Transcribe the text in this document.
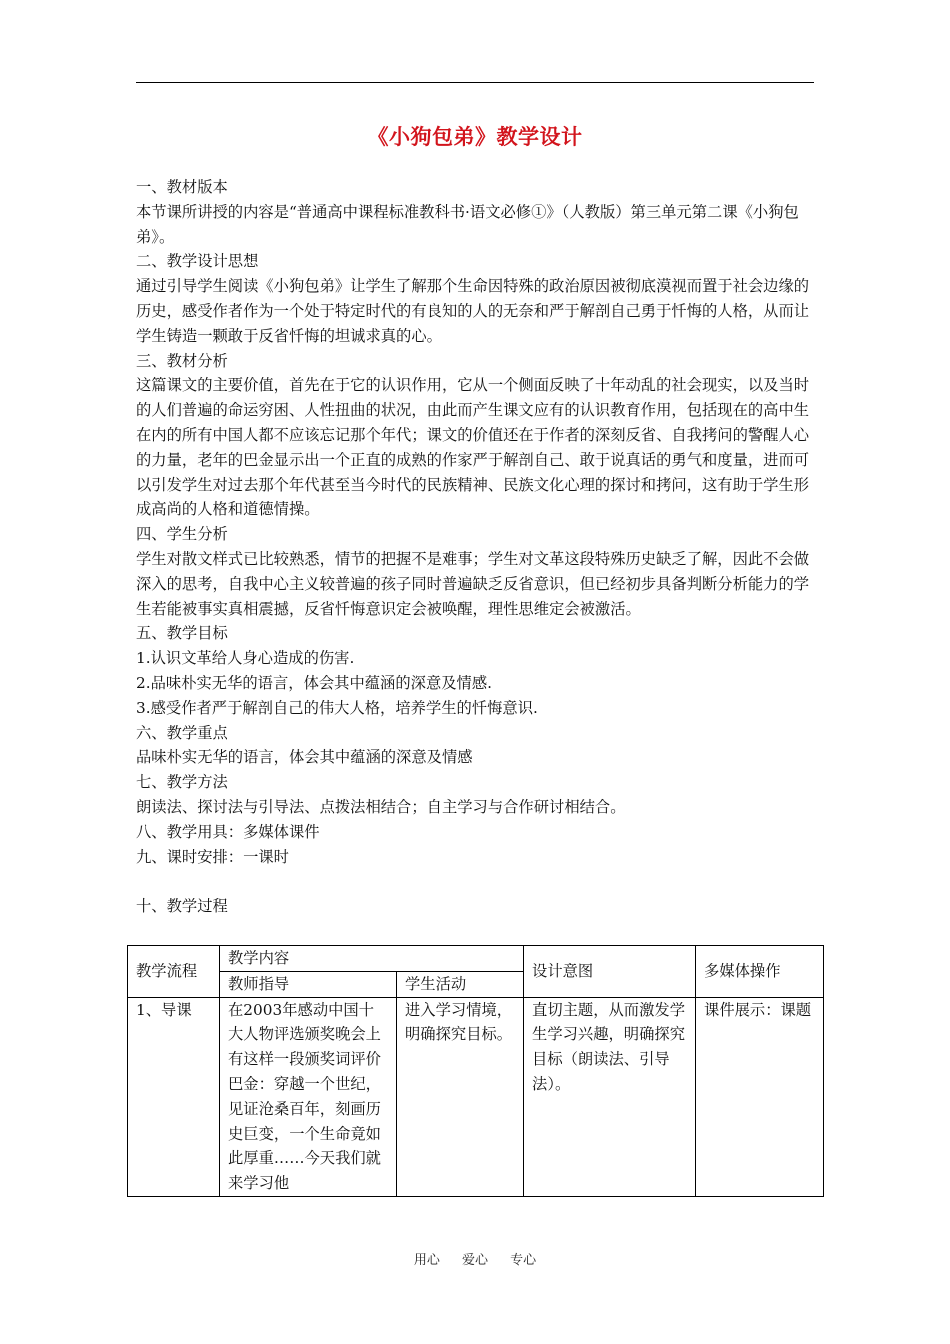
《小狗包弟》教学设计

一、教材版本

本节课所讲授的内容是“普通高中课程标准教科书·语文必修①》（人教版）第三单元第二课《小狗包弟》。

二、教学设计思想

通过引导学生阅读《小狗包弟》让学生了解那个生命因特殊的政治原因被彻底漠视而置于社会边缘的历史，感受作者作为一个处于特定时代的有良知的人的无奈和严于解剖自己勇于忏悔的人格，从而让学生铸造一颗敢于反省忏悔的坦诚求真的心。

三、教材分析

这篇课文的主要价值，首先在于它的认识作用，它从一个侧面反映了十年动乱的社会现实，以及当时的人们普遍的命运穷困、人性扭曲的状况，由此而产生课文应有的认识教育作用，包括现在的高中生在内的所有中国人都不应该忘记那个年代；课文的价值还在于作者的深刻反省、自我拷问的警醒人心的力量，老年的巴金显示出一个正直的成熟的作家严于解剖自己、敢于说真话的勇气和度量，进而可以引发学生对过去那个年代甚至当今时代的民族精神、民族文化心理的探讨和拷问，这有助于学生形成高尚的人格和道德情操。

四、学生分析

学生对散文样式已比较熟悉，情节的把握不是难事；学生对文革这段特殊历史缺乏了解，因此不会做深入的思考，自我中心主义较普遍的孩子同时普遍缺乏反省意识，但已经初步具备判断分析能力的学生若能被事实真相震撼，反省忏悔意识定会被唤醒，理性思维定会被激活。

五、教学目标

1.认识文革给人身心造成的伤害.

2.品味朴实无华的语言，体会其中蕴涵的深意及情感.

3.感受作者严于解剖自己的伟大人格，培养学生的忏悔意识.

六、教学重点

品味朴实无华的语言，体会其中蕴涵的深意及情感

七、教学方法

朗读法、探讨法与引导法、点拨法相结合；自主学习与合作研讨相结合。

八、教学用具：多媒体课件

九、课时安排：一课时

十、教学过程

教学流程	教学内容		设计意图	多媒体操作
	教师指导	学生活动		
1、导课	在2003年感动中国十大人物评选颁奖晚会上有这样一段颁奖词评价巴金：穿越一个世纪，见证沧桑百年，刻画历史巨变，一个生命竟如此厚重……今天我们就来学习他	进入学习情境，明确探究目标。	直切主题，从而激发学生学习兴趣，明确探究目标（朗读法、引导法）。	课件展示：课题
用心 爱心 专心
